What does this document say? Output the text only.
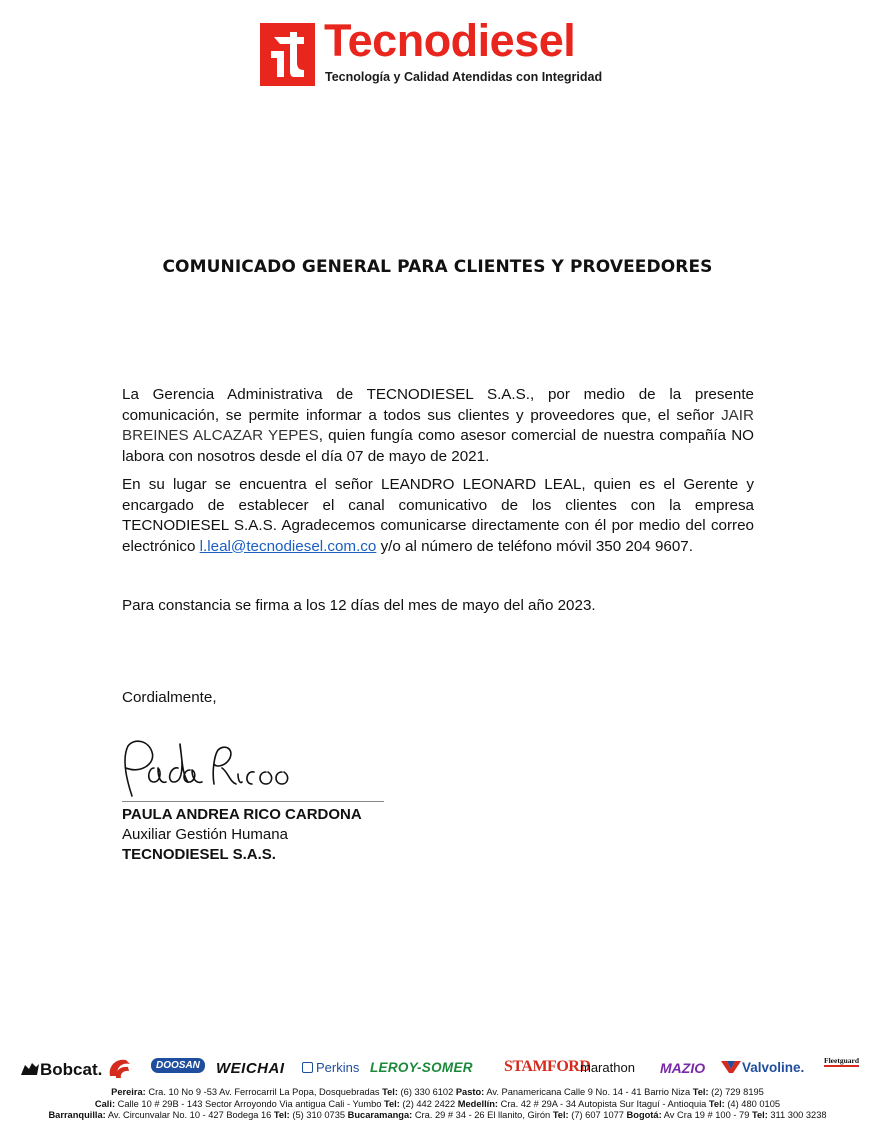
Tecnodiesel
Tecnología y Calidad Atendidas con Integridad
COMUNICADO GENERAL PARA CLIENTES Y PROVEEDORES
La Gerencia Administrativa de TECNODIESEL S.A.S., por medio de la presente comunicación, se permite informar a todos sus clientes y proveedores que, el señor JAIR BREINES ALCAZAR YEPES, quien fungía como asesor comercial de nuestra compañía NO labora con nosotros desde el día 07 de mayo de 2021.
En su lugar se encuentra el señor LEANDRO LEONARD LEAL, quien es el Gerente y encargado de establecer el canal comunicativo de los clientes con la empresa TECNODIESEL S.A.S. Agradecemos comunicarse directamente con él por medio del correo electrónico l.leal@tecnodiesel.com.co y/o al número de teléfono móvil 350 204 9607.
Para constancia se firma a los 12 días del mes de mayo del año 2023.
Cordialmente,
PAULA ANDREA RICO CARDONA
Auxiliar Gestión Humana
TECNODIESEL S.A.S.
Bobcat.	DOOSAN	WEICHAI	Perkins LEROY-SOMER STAMFORD
marathon MAZIO	Valvoline.	Fleetguard
Pereira: Cra. 10 No 9 -53 Av. Ferrocarril La Popa, Dosquebradas Tel: (6) 330 6102 Pasto: Av. Panamericana Calle 9 No. 14 - 41 Barrio Niza Tel: (2) 729 8195
Cali: Calle 10 # 29B - 143 Sector Arroyondo Via antigua Cali - Yumbo Tel: (2) 442 2422 Medellín: Cra. 42 # 29A - 34 Autopista Sur Itaguí - Antioquia Tel: (4) 480 0105
Barranquilla: Av. Circunvalar No. 10 - 427 Bodega 16 Tel: (5) 310 0735 Bucaramanga: Cra. 29 # 34 - 26 El llanito, Girón Tel: (7) 607 1077 Bogotá: Av Cra 19 # 100 - 79 Tel: 311 300 3238
